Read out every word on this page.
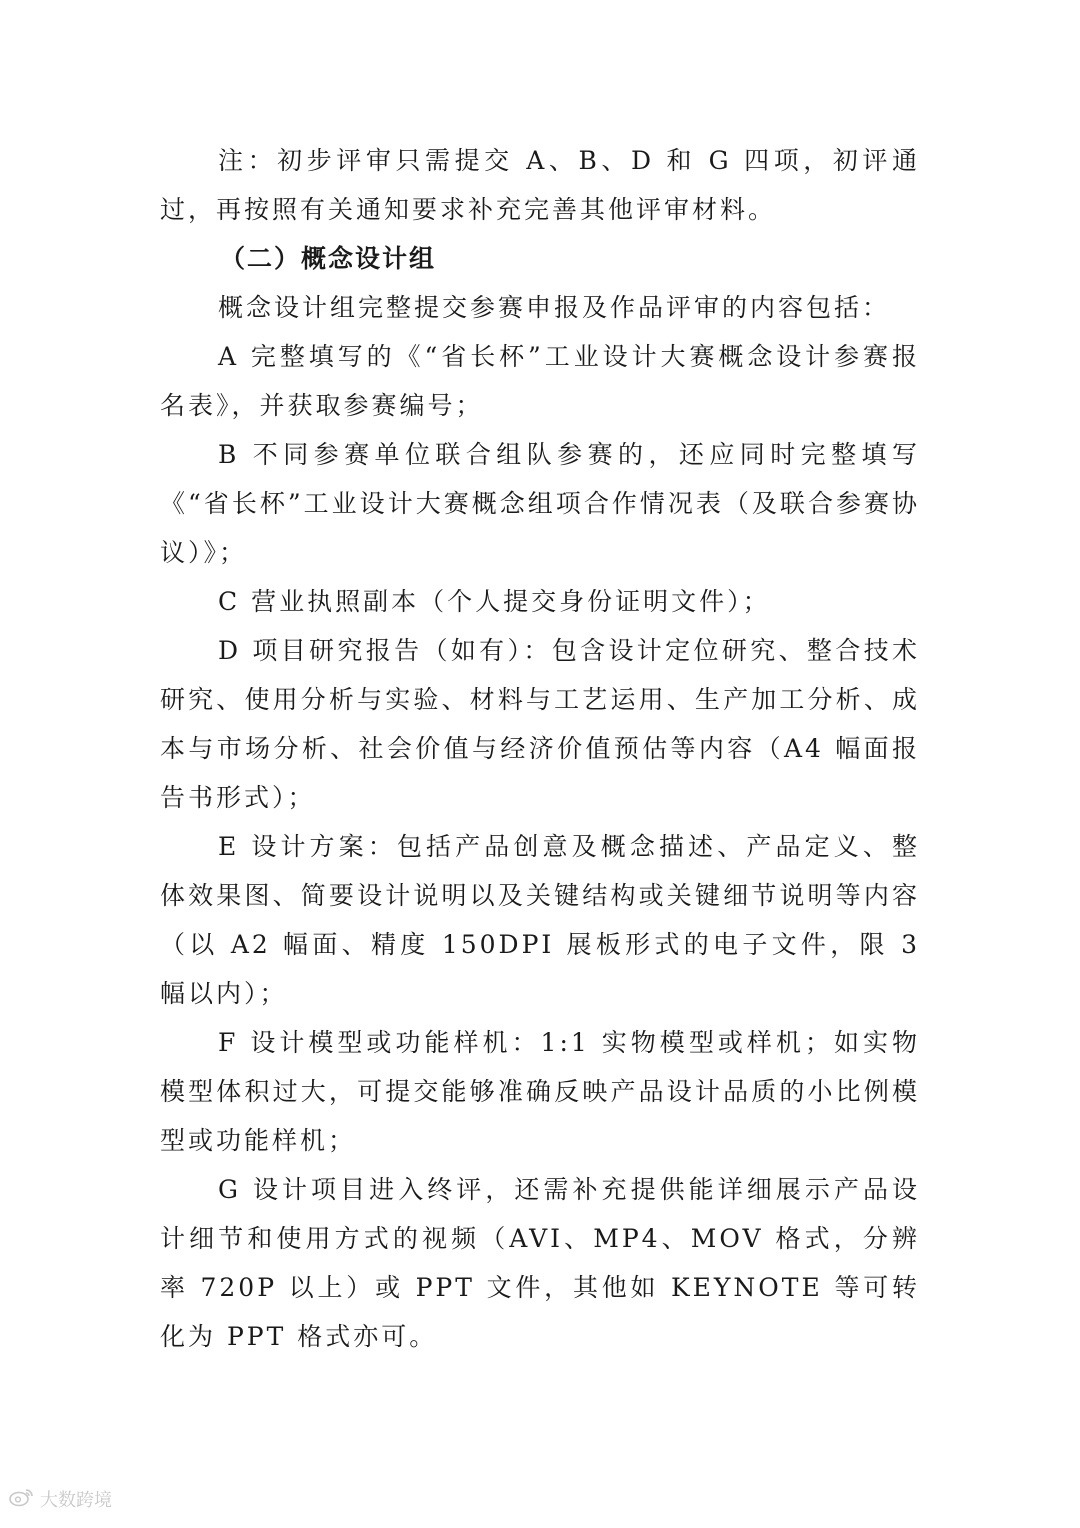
注：初步评审只需提交 A、B、D 和 G 四项，初评通过，再按照有关通知要求补充完善其他评审材料。

（二）概念设计组

概念设计组完整提交参赛申报及作品评审的内容包括：

A 完整填写的《“省长杯”工业设计大赛概念设计参赛报名表》，并获取参赛编号；

B 不同参赛单位联合组队参赛的，还应同时完整填写《“省长杯”工业设计大赛概念组项合作情况表（及联合参赛协议）》；

C 营业执照副本（个人提交身份证明文件）；

D 项目研究报告（如有）：包含设计定位研究、整合技术研究、使用分析与实验、材料与工艺运用、生产加工分析、成本与市场分析、社会价值与经济价值预估等内容（A4 幅面报告书形式）；

E 设计方案：包括产品创意及概念描述、产品定义、整体效果图、简要设计说明以及关键结构或关键细节说明等内容（以 A2 幅面、精度 150DPI 展板形式的电子文件，限 3 幅以内）；

F 设计模型或功能样机：1:1 实物模型或样机；如实物模型体积过大，可提交能够准确反映产品设计品质的小比例模型或功能样机；

G 设计项目进入终评，还需补充提供能详细展示产品设计细节和使用方式的视频（AVI、MP4、MOV 格式，分辨率 720P 以上）或 PPT 文件，其他如 KEYNOTE 等可转化为 PPT 格式亦可。

大数跨境
